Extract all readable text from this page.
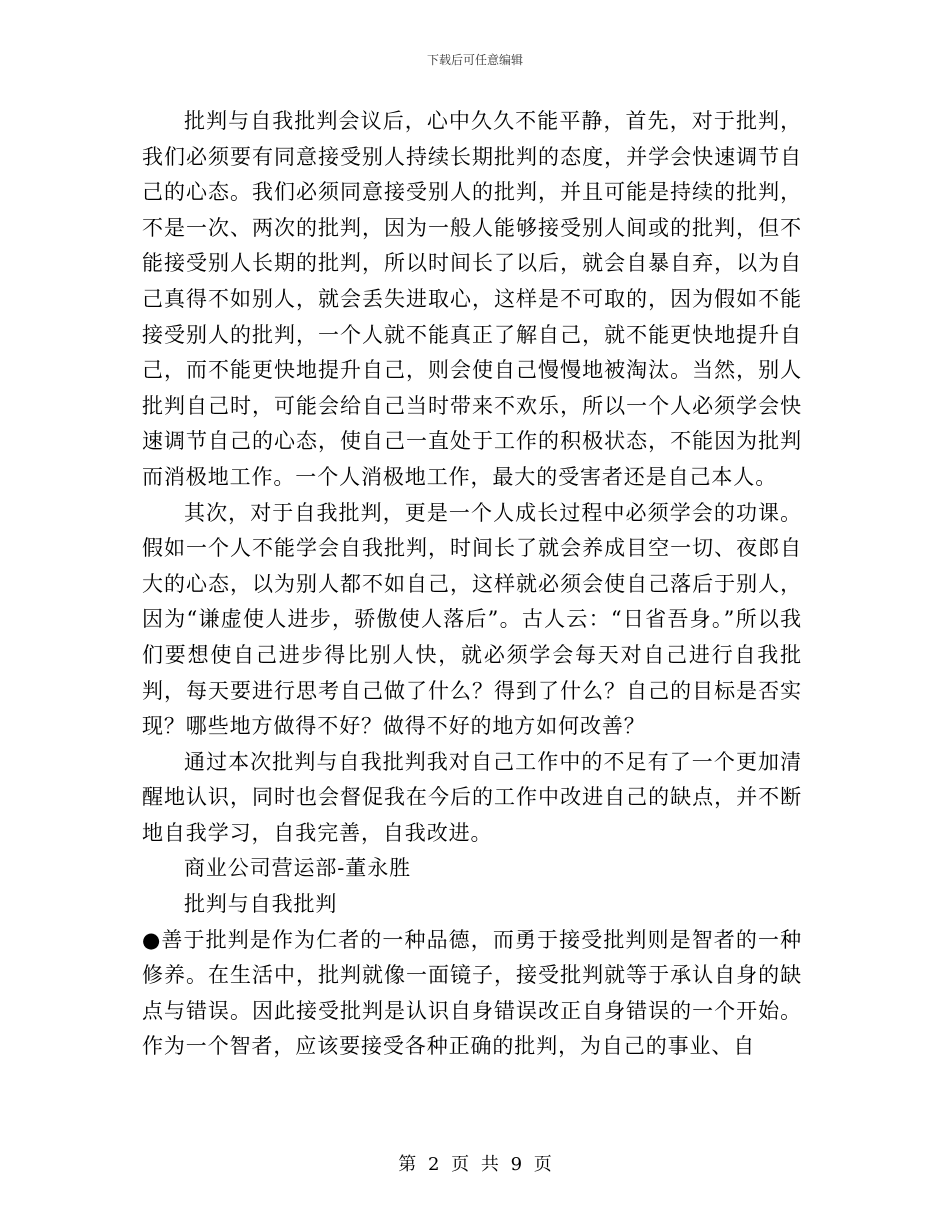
下载后可任意编辑

批判与自我批判会议后，心中久久不能平静，首先，对于批判，我们必须要有同意接受别人持续长期批判的态度，并学会快速调节自己的心态。我们必须同意接受别人的批判，并且可能是持续的批判，不是一次、两次的批判，因为一般人能够接受别人间或的批判，但不能接受别人长期的批判，所以时间长了以后，就会自暴自弃，以为自己真得不如别人，就会丢失进取心，这样是不可取的，因为假如不能接受别人的批判，一个人就不能真正了解自己，就不能更快地提升自己，而不能更快地提升自己，则会使自己慢慢地被淘汰。当然，别人批判自己时，可能会给自己当时带来不欢乐，所以一个人必须学会快速调节自己的心态，使自己一直处于工作的积极状态，不能因为批判而消极地工作。一个人消极地工作，最大的受害者还是自己本人。

其次，对于自我批判，更是一个人成长过程中必须学会的功课。假如一个人不能学会自我批判，时间长了就会养成目空一切、夜郎自大的心态，以为别人都不如自己，这样就必须会使自己落后于别人，因为“谦虚使人进步，骄傲使人落后”。古人云：“日省吾身。”所以我们要想使自己进步得比别人快，就必须学会每天对自己进行自我批判，每天要进行思考自己做了什么？得到了什么？自己的目标是否实现？哪些地方做得不好？做得不好的地方如何改善？

通过本次批判与自我批判我对自己工作中的不足有了一个更加清醒地认识，同时也会督促我在今后的工作中改进自己的缺点，并不断地自我学习，自我完善，自我改进。

商业公司营运部-董永胜

批判与自我批判

●善于批判是作为仁者的一种品德，而勇于接受批判则是智者的一种修养。在生活中，批判就像一面镜子，接受批判就等于承认自身的缺点与错误。因此接受批判是认识自身错误改正自身错误的一个开始。作为一个智者，应该要接受各种正确的批判，为自己的事业、自

第 2 页 共 9 页
